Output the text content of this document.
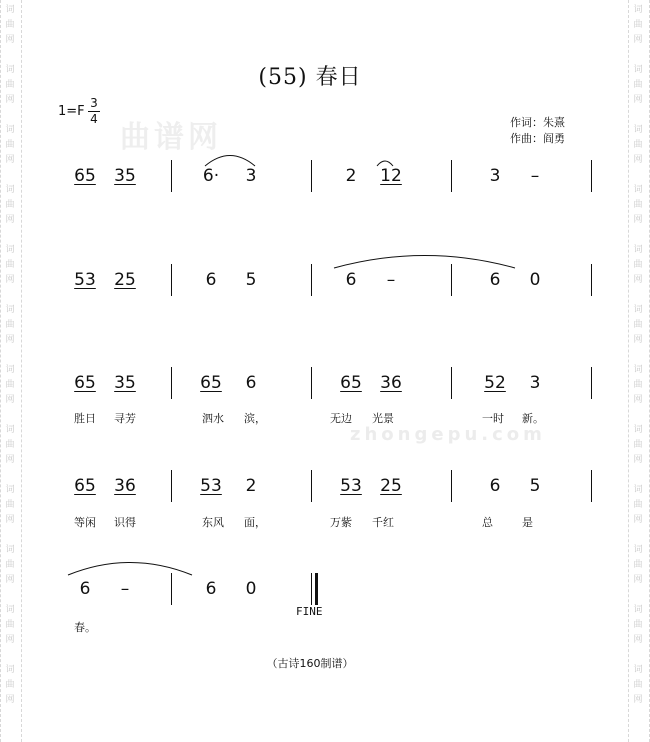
词
曲
网
词
曲
网
词
曲
网
词
曲
网
词
曲
网
词
曲
网
词
曲
网
词
曲
网
词
曲
网
词
曲
网
词
曲
网
词
曲
网
词
曲
网
词
曲
网
词
曲
网
词
曲
网
词
曲
网
词
曲
网
词
曲
网
词
曲
网
词
曲
网
词
曲
网
词
曲
网
词
曲
网
曲谱网
zhongepu.com
(55) 春日
1=F
3
4	作词：朱熹
作曲：阎勇
65 35	6·	3	2	12	3	–
53 25	6	5	6	–	6	0
65 35	65	6	65 36	52	3
胜日 寻芳	泗水 滨，	无边 光景	一时 新。
65 36	53	2	53 25	6	5
等闲 识得	东风 面，	万紫 千红	总	是
6	–	6	0
春。
FINE
（古诗160制谱）
